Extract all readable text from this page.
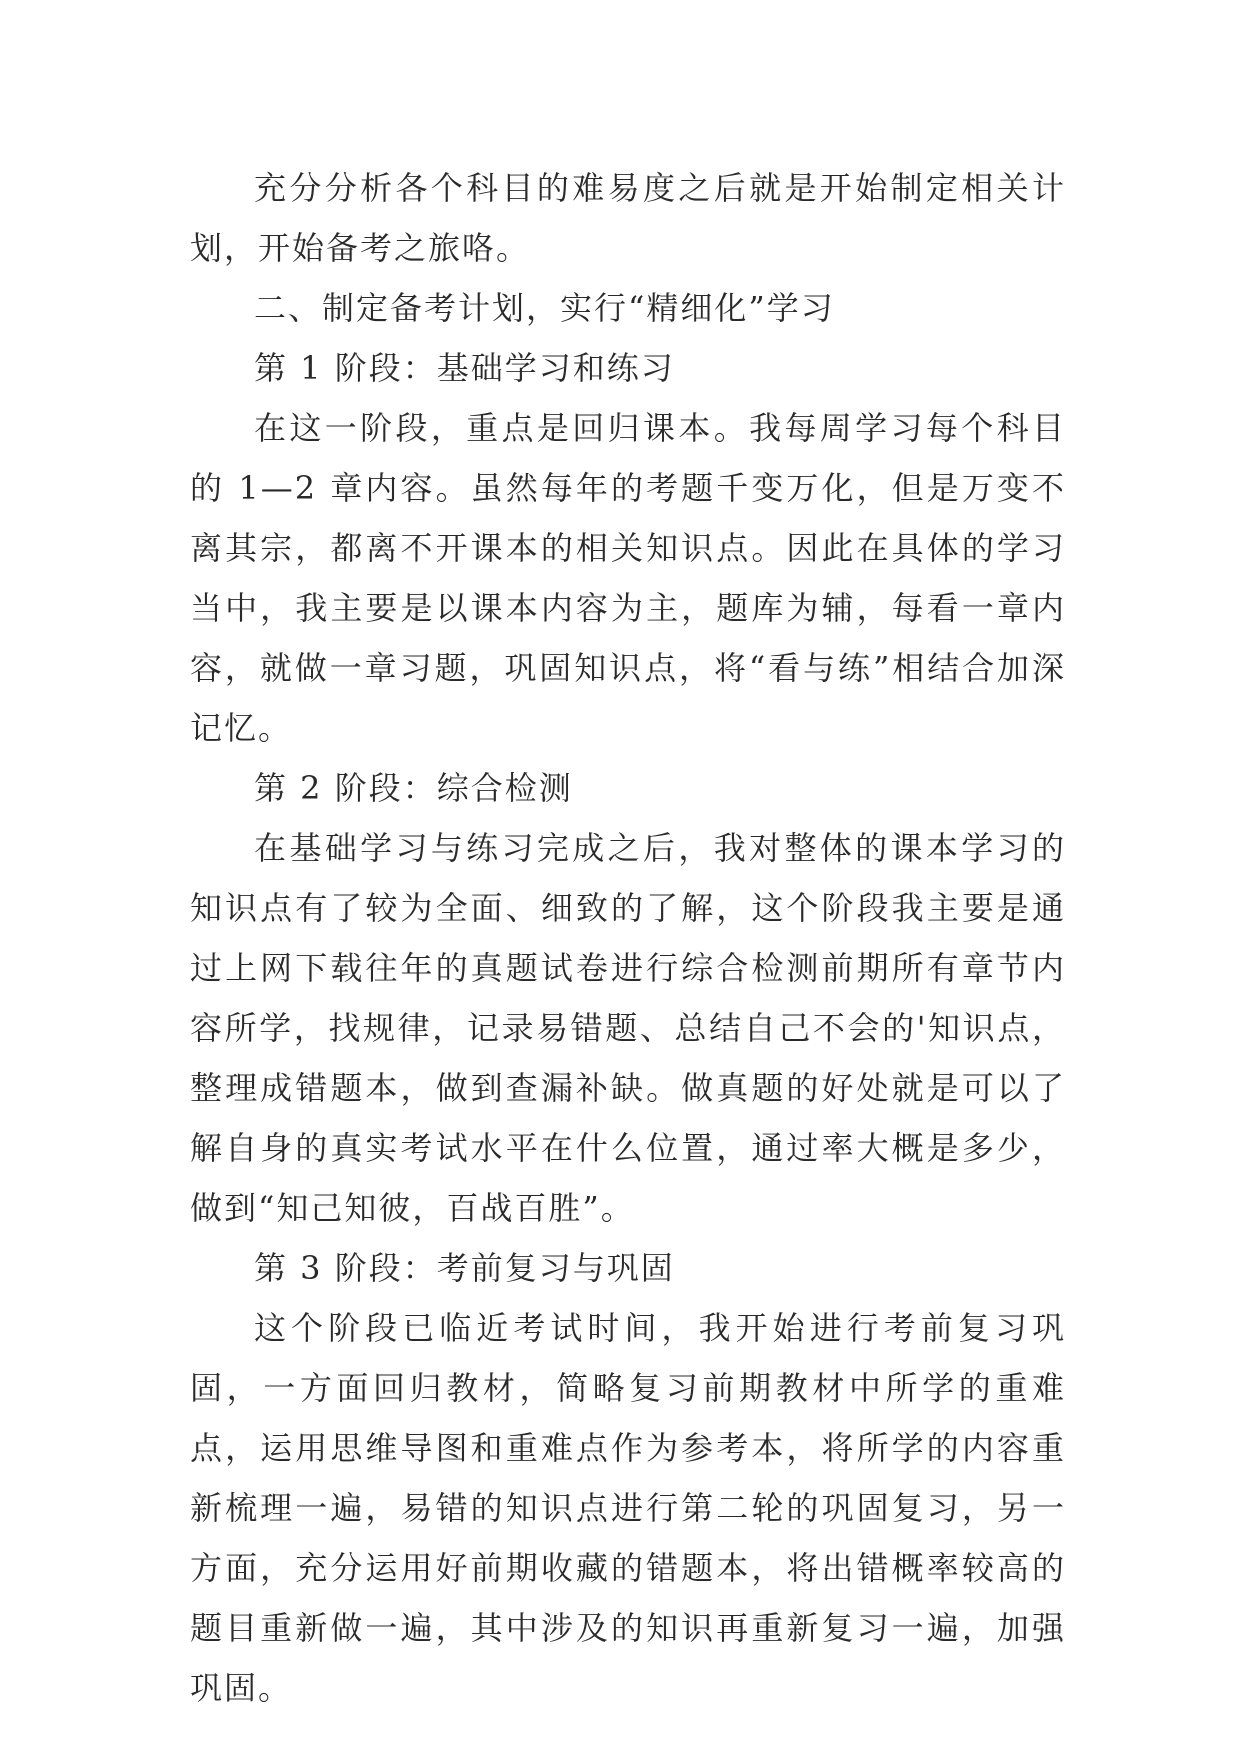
充分分析各个科目的难易度之后就是开始制定相关计划，开始备考之旅咯。

二、制定备考计划，实行“精细化”学习

第 1 阶段：基础学习和练习

在这一阶段，重点是回归课本。我每周学习每个科目的 1—2 章内容。虽然每年的考题千变万化，但是万变不离其宗，都离不开课本的相关知识点。因此在具体的学习当中，我主要是以课本内容为主，题库为辅，每看一章内容，就做一章习题，巩固知识点，将“看与练”相结合加深记忆。

第 2 阶段：综合检测

在基础学习与练习完成之后，我对整体的课本学习的知识点有了较为全面、细致的了解，这个阶段我主要是通过上网下载往年的真题试卷进行综合检测前期所有章节内容所学，找规律，记录易错题、总结自己不会的'知识点，整理成错题本，做到查漏补缺。做真题的好处就是可以了解自身的真实考试水平在什么位置，通过率大概是多少，做到“知己知彼，百战百胜”。

第 3 阶段：考前复习与巩固

这个阶段已临近考试时间，我开始进行考前复习巩固，一方面回归教材，简略复习前期教材中所学的重难点，运用思维导图和重难点作为参考本，将所学的内容重新梳理一遍，易错的知识点进行第二轮的巩固复习，另一方面，充分运用好前期收藏的错题本，将出错概率较高的题目重新做一遍，其中涉及的知识再重新复习一遍，加强巩固。
